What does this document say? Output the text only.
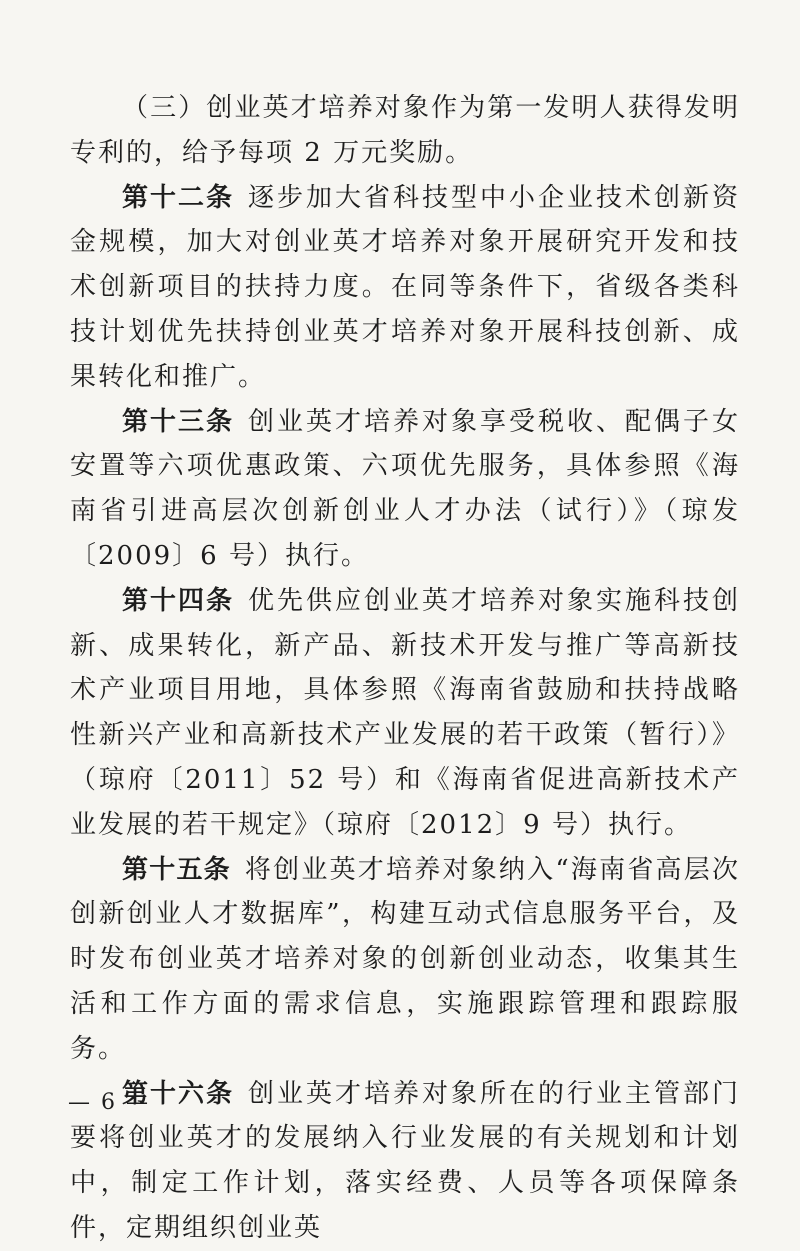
（三）创业英才培养对象作为第一发明人获得发明专利的，给予每项 2 万元奖励。

第十二条 逐步加大省科技型中小企业技术创新资金规模，加大对创业英才培养对象开展研究开发和技术创新项目的扶持力度。在同等条件下，省级各类科技计划优先扶持创业英才培养对象开展科技创新、成果转化和推广。

第十三条 创业英才培养对象享受税收、配偶子女安置等六项优惠政策、六项优先服务，具体参照《海南省引进高层次创新创业人才办法（试行）》（琼发〔2009〕6 号）执行。

第十四条 优先供应创业英才培养对象实施科技创新、成果转化，新产品、新技术开发与推广等高新技术产业项目用地，具体参照《海南省鼓励和扶持战略性新兴产业和高新技术产业发展的若干政策（暂行）》（琼府〔2011〕52 号）和《海南省促进高新技术产业发展的若干规定》（琼府〔2012〕9 号）执行。

第十五条 将创业英才培养对象纳入“海南省高层次创新创业人才数据库”，构建互动式信息服务平台，及时发布创业英才培养对象的创新创业动态，收集其生活和工作方面的需求信息，实施跟踪管理和跟踪服务。

第十六条 创业英才培养对象所在的行业主管部门要将创业英才的发展纳入行业发展的有关规划和计划中，制定工作计划，落实经费、人员等各项保障条件，定期组织创业英

— 6 —
